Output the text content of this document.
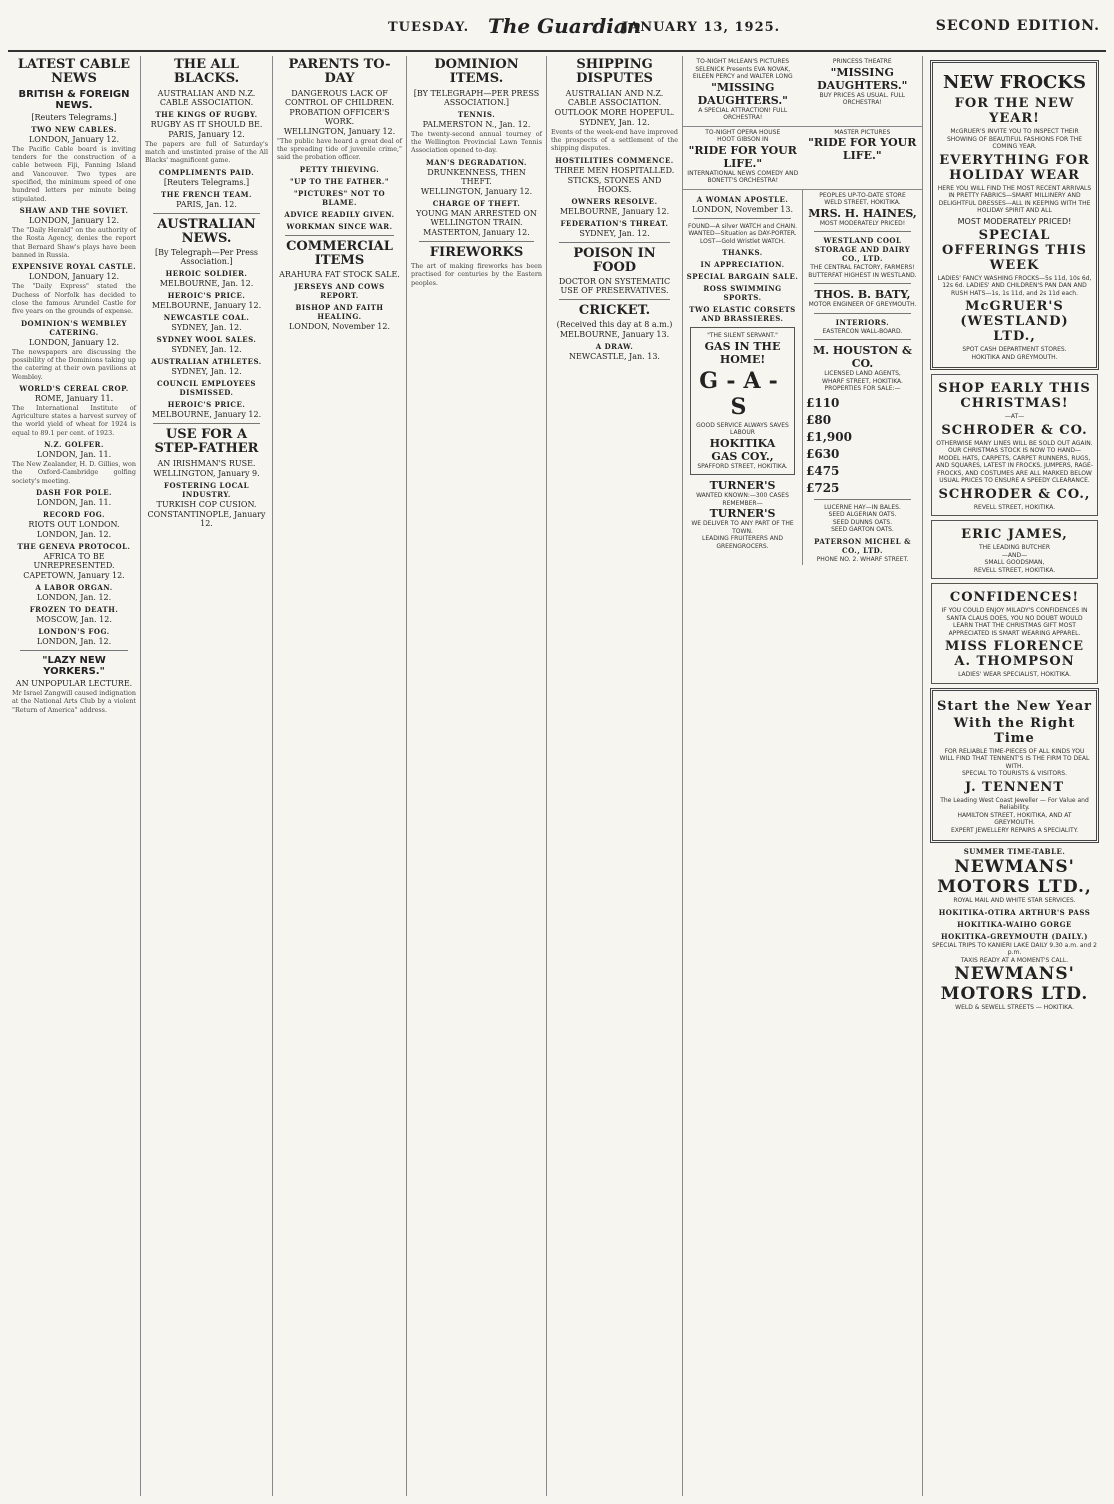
TUESDAY. The Guardian
JANUARY 13, 1925.	SECOND EDITION.
LATEST CABLE NEWS
BRITISH & FOREIGN NEWS.
[Reuters Telegrams.]
TWO NEW CABLES.
LONDON, January 12.

The Pacific Cable board is inviting tenders for the construction of a cable between Fiji, Fanning Island and Vancouver. Two types are specified, the minimum speed of one hundred letters per minute being stipulated.

SHAW AND THE SOVIET.
LONDON, January 12.

The "Daily Herald" on the authority of the Rosta Agency, denies the report that Bernard Shaw's plays have been banned in Russia.

EXPENSIVE ROYAL CASTLE.
LONDON, January 12.

The "Daily Express" stated the Duchess of Norfolk has decided to close the famous Arundel Castle for five years on the grounds of expense.

DOMINION'S WEMBLEY CATERING.
LONDON, January 12.

The newspapers are discussing the possibility of the Dominions taking up the catering at their own pavilions at Wembley.

WORLD'S CEREAL CROP.
ROME, January 11.

The International Institute of Agriculture states a harvest survey of the world yield of wheat for 1924 is equal to 89.1 per cent. of 1923.

N.Z. GOLFER.
LONDON, Jan. 11.

The New Zealander, H. D. Gillies, won the Oxford-Cambridge golfing society's meeting.

DASH FOR POLE.
LONDON, Jan. 11.
RECORD FOG.
RIOTS OUT LONDON.
LONDON, Jan. 12.
THE GENEVA PROTOCOL.
AFRICA TO BE UNREPRESENTED.
CAPETOWN, January 12.
A LABOR ORGAN.
LONDON, Jan. 12.
FROZEN TO DEATH.
MOSCOW, Jan. 12.
LONDON'S FOG.
LONDON, Jan. 12.
"LAZY NEW YORKERS."
AN UNPOPULAR LECTURE.

Mr Israel Zangwill caused indignation at the National Arts Club by a violent "Return of America" address.

THE ALL BLACKS.
AUSTRALIAN AND N.Z. CABLE ASSOCIATION.
THE KINGS OF RUGBY.
RUGBY AS IT SHOULD BE.
PARIS, January 12.

The papers are full of Saturday's match and unstinted praise of the All Blacks' magnificent game.

COMPLIMENTS PAID.
[Reuters Telegrams.]
THE FRENCH TEAM.
PARIS, Jan. 12.
AUSTRALIAN NEWS.
[By Telegraph—Per Press Association.]
HEROIC SOLDIER.
MELBOURNE, Jan. 12.
HEROIC'S PRICE.
MELBOURNE, January 12.
NEWCASTLE COAL.
SYDNEY, Jan. 12.
SYDNEY WOOL SALES.
SYDNEY, Jan. 12.
AUSTRALIAN ATHLETES.
SYDNEY, Jan. 12.
COUNCIL EMPLOYEES DISMISSED.
HEROIC'S PRICE.
MELBOURNE, January 12.
USE FOR A STEP-FATHER
AN IRISHMAN'S RUSE.
WELLINGTON, January 9.
FOSTERING LOCAL INDUSTRY.
TURKISH COP CUSION.
CONSTANTINOPLE, January 12.
PARENTS TO-DAY
DANGEROUS LACK OF CONTROL OF CHILDREN.
PROBATION OFFICER'S WORK.
WELLINGTON, January 12.

"The public have heard a great deal of the spreading tide of juvenile crime," said the probation officer.

PETTY THIEVING.
"UP TO THE FATHER."
"PICTURES" NOT TO BLAME.
ADVICE READILY GIVEN.
WORKMAN SINCE WAR.
COMMERCIAL ITEMS
ARAHURA FAT STOCK SALE.
JERSEYS AND COWS REPORT.
BISHOP AND FAITH HEALING.
LONDON, November 12.
DOMINION ITEMS.
[BY TELEGRAPH—PER PRESS ASSOCIATION.]
TENNIS.
PALMERSTON N., Jan. 12.

The twenty-second annual tourney of the Wellington Provincial Lawn Tennis Association opened to-day.

MAN'S DEGRADATION.
DRUNKENNESS, THEN THEFT.
WELLINGTON, January 12.
CHARGE OF THEFT.
YOUNG MAN ARRESTED ON WELLINGTON TRAIN.
MASTERTON, January 12.
FIREWORKS

The art of making fireworks has been practised for centuries by the Eastern peoples.

SHIPPING DISPUTES
AUSTRALIAN AND N.Z. CABLE ASSOCIATION.
OUTLOOK MORE HOPEFUL.
SYDNEY, Jan. 12.

Events of the week-end have improved the prospects of a settlement of the shipping disputes.

HOSTILITIES COMMENCE.
THREE MEN HOSPITALLED.
STICKS, STONES AND HOOKS.
OWNERS RESOLVE.
MELBOURNE, January 12.
FEDERATION'S THREAT.
SYDNEY, Jan. 12.
POISON IN FOOD
DOCTOR ON SYSTEMATIC USE OF PRESERVATIVES.
CRICKET.
(Received this day at 8 a.m.)
MELBOURNE, January 13.
A DRAW.
NEWCASTLE, Jan. 13.
TO-NIGHT McLEAN'S PICTURES
SELENICK Presents EVA NOVAK, EILEEN PERCY and WALTER LONG
"MISSING DAUGHTERS."
A SPECIAL ATTRACTION! FULL ORCHESTRA!
PRINCESS THEATRE
"MISSING DAUGHTERS."
BUY PRICES AS USUAL. FULL ORCHESTRA!
TO-NIGHT OPERA HOUSE
HOOT GIBSON IN
"RIDE FOR YOUR LIFE."
INTERNATIONAL NEWS COMEDY AND BONETT'S ORCHESTRA!
MASTER PICTURES
"RIDE FOR YOUR LIFE."
A WOMAN APOSTLE.
LONDON, November 13.
FOUND—A silver WATCH and CHAIN.
WANTED—Situation as DAY-PORTER.
LOST—Gold Wristlet WATCH.
THANKS.
IN APPRECIATION.
SPECIAL BARGAIN SALE.
ROSS SWIMMING SPORTS.
TWO ELASTIC CORSETS AND BRASSIERES.
"THE SILENT SERVANT."
GAS IN THE HOME!
G-A-S
GOOD SERVICE ALWAYS SAVES LABOUR
HOKITIKA GAS COY.,
SPAFFORD STREET, HOKITIKA.
TURNER'S
WANTED KNOWN:—300 CASES
REMEMBER—
TURNER'S
WE DELIVER TO ANY PART OF THE TOWN.
LEADING FRUITERERS AND GREENGROCERS.
PEOPLES UP-TO-DATE STORE
WELD STREET, HOKITIKA.
MRS. H. HAINES,
MOST MODERATELY PRICED!
WESTLAND COOL STORAGE AND DAIRY CO., LTD.
THE CENTRAL FACTORY, FARMERS!
BUTTERFAT HIGHEST IN WESTLAND.
THOS. B. BATY,
MOTOR ENGINEER OF GREYMOUTH.
INTERIORS.
EASTERCON WALL-BOARD.
M. HOUSTON & CO.
LICENSED LAND AGENTS,
WHARF STREET, HOKITIKA.
PROPERTIES FOR SALE:—
£110
£80
£1,900
£630
£475
£725
LUCERNE HAY—IN BALES.
SEED ALGERIAN OATS.
SEED DUNNS OATS.
SEED GARTON OATS.
PATERSON MICHEL & CO., LTD.
PHONE NO. 2. WHARF STREET.
NEW FROCKS
FOR THE NEW YEAR!
McGRUER'S INVITE YOU TO INSPECT THEIR SHOWING OF BEAUTIFUL FASHIONS FOR THE COMING YEAR.
EVERYTHING FOR HOLIDAY WEAR
HERE YOU WILL FIND THE MOST RECENT ARRIVALS IN PRETTY FABRICS—SMART MILLINERY AND DELIGHTFUL DRESSES—ALL IN KEEPING WITH THE HOLIDAY SPIRIT AND ALL
MOST MODERATELY PRICED!
SPECIAL OFFERINGS THIS WEEK
LADIES' FANCY WASHING FROCKS—5s 11d, 10s 6d, 12s 6d. LADIES' AND CHILDREN'S PAN DAN AND RUSH HATS—1s, 1s 11d, and 2s 11d each.
McGRUER'S (WESTLAND) LTD.,
SPOT CASH DEPARTMENT STORES.
HOKITIKA AND GREYMOUTH.
SHOP EARLY THIS CHRISTMAS!
—AT—
SCHRODER & CO.
OTHERWISE MANY LINES WILL BE SOLD OUT AGAIN. OUR CHRISTMAS STOCK IS NOW TO HAND—
MODEL HATS, CARPETS, CARPET RUNNERS, RUGS, AND SQUARES, LATEST IN FROCKS, JUMPERS, RAGE-FROCKS, AND COSTUMES ARE ALL MARKED BELOW USUAL PRICES TO ENSURE A SPEEDY CLEARANCE.
SCHRODER & CO.,
REVELL STREET, HOKITIKA.
ERIC JAMES,
THE LEADING BUTCHER
—AND—
SMALL GOODSMAN,
REVELL STREET, HOKITIKA.
CONFIDENCES!
IF YOU COULD ENJOY MILADY'S CONFIDENCES IN SANTA CLAUS DOES, YOU NO DOUBT WOULD LEARN THAT THE CHRISTMAS GIFT MOST APPRECIATED IS SMART WEARING APPAREL.
MISS FLORENCE A. THOMPSON
LADIES' WEAR SPECIALIST, HOKITIKA.
Start the New Year
With the Right Time
FOR RELIABLE TIME-PIECES OF ALL KINDS YOU WILL FIND THAT TENNENT'S IS THE FIRM TO DEAL WITH.
SPECIAL TO TOURISTS & VISITORS.
J. TENNENT
The Leading West Coast Jeweller — For Value and Reliability.
HAMILTON STREET, HOKITIKA, AND AT GREYMOUTH.
EXPERT JEWELLERY REPAIRS A SPECIALITY.
SUMMER TIME-TABLE.
NEWMANS' MOTORS LTD.,
ROYAL MAIL AND WHITE STAR SERVICES.
HOKITIKA-OTIRA ARTHUR'S PASS
HOKITIKA-WAIHO GORGE
HOKITIKA-GREYMOUTH (DAILY.)
SPECIAL TRIPS TO KANIERI LAKE DAILY 9.30 a.m. and 2 p.m.
TAXIS READY AT A MOMENT'S CALL.
NEWMANS' MOTORS LTD.
WELD & SEWELL STREETS — HOKITIKA.
